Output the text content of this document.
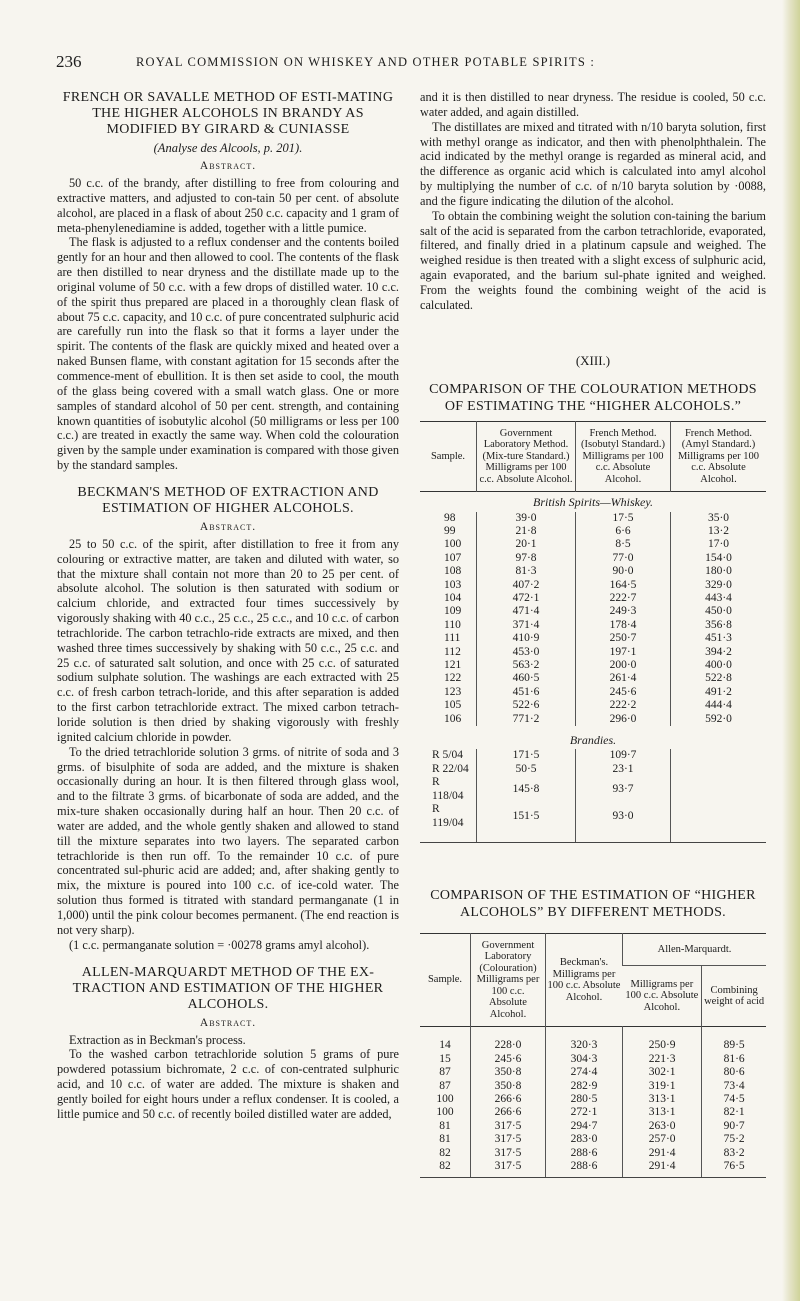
236	ROYAL COMMISSION ON WHISKEY AND OTHER POTABLE SPIRITS :
FRENCH OR SAVALLE METHOD OF ESTI-MATING THE HIGHER ALCOHOLS IN BRANDY AS MODIFIED BY GIRARD & CUNIASSE
(Analyse des Alcools, p. 201).
Abstract.

50 c.c. of the brandy, after distilling to free from colouring and extractive matters, and adjusted to con-tain 50 per cent. of absolute alcohol, are placed in a flask of about 250 c.c. capacity and 1 gram of meta-phenylenediamine is added, together with a little pumice.

The flask is adjusted to a reflux condenser and the contents boiled gently for an hour and then allowed to cool. The contents of the flask are then distilled to near dryness and the distillate made up to the original volume of 50 c.c. with a few drops of distilled water. 10 c.c. of the spirit thus prepared are placed in a thoroughly clean flask of about 75 c.c. capacity, and 10 c.c. of pure concentrated sulphuric acid are carefully run into the flask so that it forms a layer under the spirit. The contents of the flask are quickly mixed and heated over a naked Bunsen flame, with constant agitation for 15 seconds after the commence-ment of ebullition. It is then set aside to cool, the mouth of the glass being covered with a small watch glass. One or more samples of standard alcohol of 50 per cent. strength, and containing known quantities of isobutylic alcohol (50 milligrams or less per 100 c.c.) are treated in exactly the same way. When cold the colouration given by the sample under examination is compared with those given by the standard samples.

BECKMAN'S METHOD OF EXTRACTION AND ESTIMATION OF HIGHER ALCOHOLS.
Abstract.

25 to 50 c.c. of the spirit, after distillation to free it from any colouring or extractive matter, are taken and diluted with water, so that the mixture shall contain not more than 20 to 25 per cent. of absolute alcohol. The solution is then saturated with sodium or calcium chloride, and extracted four times successively by vigorously shaking with 40 c.c., 25 c.c., 25 c.c., and 10 c.c. of carbon tetrachloride. The carbon tetrachlo-ride extracts are mixed, and then washed three times successively by shaking with 50 c.c., 25 c.c. and 25 c.c. of saturated salt solution, and once with 25 c.c. of saturated sodium sulphate solution. The washings are each extracted with 25 c.c. of fresh carbon tetrach-loride, and this after separation is added to the first carbon tetrachloride extract. The mixed carbon tetrach-loride solution is then dried by shaking vigorously with freshly ignited calcium chloride in powder.

To the dried tetrachloride solution 3 grms. of nitrite of soda and 3 grms. of bisulphite of soda are added, and the mixture is shaken occasionally during an hour. It is then filtered through glass wool, and to the filtrate 3 grms. of bicarbonate of soda are added, and the mix-ture shaken occasionally during half an hour. Then 20 c.c. of water are added, and the whole gently shaken and allowed to stand till the mixture separates into two layers. The separated carbon tetrachloride is then run off. To the remainder 10 c.c. of pure concentrated sul-phuric acid are added; and, after shaking gently to mix, the mixture is poured into 100 c.c. of ice-cold water. The solution thus formed is titrated with standard permanganate (1 in 1,000) until the pink colour becomes permanent. (The end reaction is not very sharp).

(1 c.c. permanganate solution = ·00278 grams amyl alcohol).

ALLEN-MARQUARDT METHOD OF THE EX-TRACTION AND ESTIMATION OF THE HIGHER ALCOHOLS.
Abstract.

Extraction as in Beckman's process.

To the washed carbon tetrachloride solution 5 grams of pure powdered potassium bichromate, 2 c.c. of con-centrated sulphuric acid, and 10 c.c. of water are added. The mixture is shaken and gently boiled for eight hours under a reflux condenser. It is cooled, a little pumice and 50 c.c. of recently boiled distilled water are added,

and it is then distilled to near dryness. The residue is cooled, 50 c.c. water added, and again distilled.

The distillates are mixed and titrated with n/10 baryta solution, first with methyl orange as indicator, and then with phenolphthalein. The acid indicated by the methyl orange is regarded as mineral acid, and the difference as organic acid which is calculated into amyl alcohol by multiplying the number of c.c. of n/10 baryta solution by ·0088, and the figure indicating the dilution of the alcohol.

To obtain the combining weight the solution con-taining the barium salt of the acid is separated from the carbon tetrachloride, evaporated, filtered, and finally dried in a platinum capsule and weighed. The weighed residue is then treated with a slight excess of sulphuric acid, again evaporated, and the barium sul-phate ignited and weighed. From the weights found the combining weight of the acid is calculated.

(XIII.)
COMPARISON OF THE COLOURATION METHODS OF ESTIMATING THE “HIGHER ALCOHOLS.”
Sample.	Government Laboratory Method. (Mix-ture Standard.) Milligrams per 100 c.c. Absolute Alcohol.	French Method. (Isobutyl Standard.) Milligrams per 100 c.c. Absolute Alcohol.	French Method. (Amyl Standard.) Milligrams per 100 c.c. Absolute Alcohol.
British Spirits—Whiskey.			
98	39·0	17·5	35·0
99	21·8	6·6	13·2
100	20·1	8·5	17·0
107	97·8	77·0	154·0
108	81·3	90·0	180·0
103	407·2	164·5	329·0
104	472·1	222·7	443·4
109	471·4	249·3	450·0
110	371·4	178·4	356·8
111	410·9	250·7	451·3
112	453·0	197·1	394·2
121	563·2	200·0	400·0
122	460·5	261·4	522·8
123	451·6	245·6	491·2
105	522·6	222·2	444·4
106	771·2	296·0	592·0

Brandies.			
R 5/04	171·5	109·7	
R 22/04	50·5	23·1	
R 118/04	145·8	93·7	
R 119/04	151·5	93·0	
COMPARISON OF THE ESTIMATION OF “HIGHER ALCOHOLS” BY DIFFERENT METHODS.
Sample.	Government Laboratory (Colouration) Milligrams per 100 c.c. Absolute Alcohol.	Beckman's. Milligrams per 100 c.c. Absolute Alcohol.	Allen-Marquardt.	
			Milligrams per 100 c.c. Absolute Alcohol.	Combining weight of acid
14	228·0	320·3	250·9	89·5
15	245·6	304·3	221·3	81·6
87	350·8	274·4	302·1	80·6
87	350·8	282·9	319·1	73·4
100	266·6	280·5	313·1	74·5
100	266·6	272·1	313·1	82·1
81	317·5	294·7	263·0	90·7
81	317·5	283·0	257·0	75·2
82	317·5	288·6	291·4	83·2
82	317·5	288·6	291·4	76·5
